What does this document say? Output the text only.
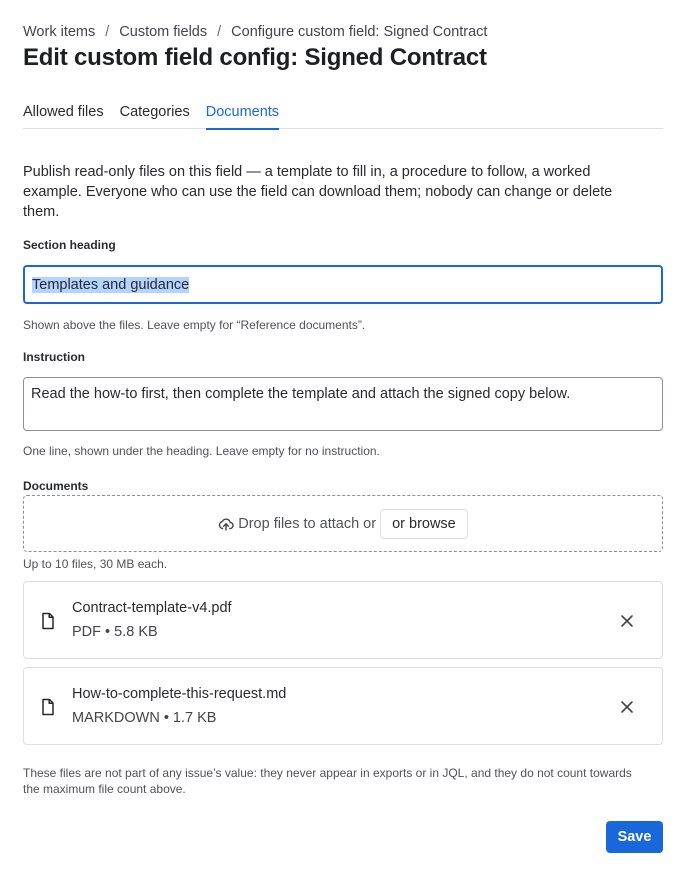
Work items / Custom fields / Configure custom field: Signed Contract
Edit custom field config: Signed Contract
Allowed files Categories Documents

Publish read-only files on this field — a template to fill in, a procedure to follow, a worked example. Everyone who can use the field can download them; nobody can change or delete them.

Section heading
Templates and guidance
Shown above the files. Leave empty for “Reference documents”.
Instruction
Read the how-to first, then complete the template and attach the signed copy below.
One line, shown under the heading. Leave empty for no instruction.
Documents
Drop files to attach or	or browse
Up to 10 files, 30 MB each.
Contract-template-v4.pdf
PDF • 5.8 KB
How-to-complete-this-request.md
MARKDOWN • 1.7 KB

These files are not part of any issue’s value: they never appear in exports or in JQL, and they do not count towards the maximum file count above.

Save
